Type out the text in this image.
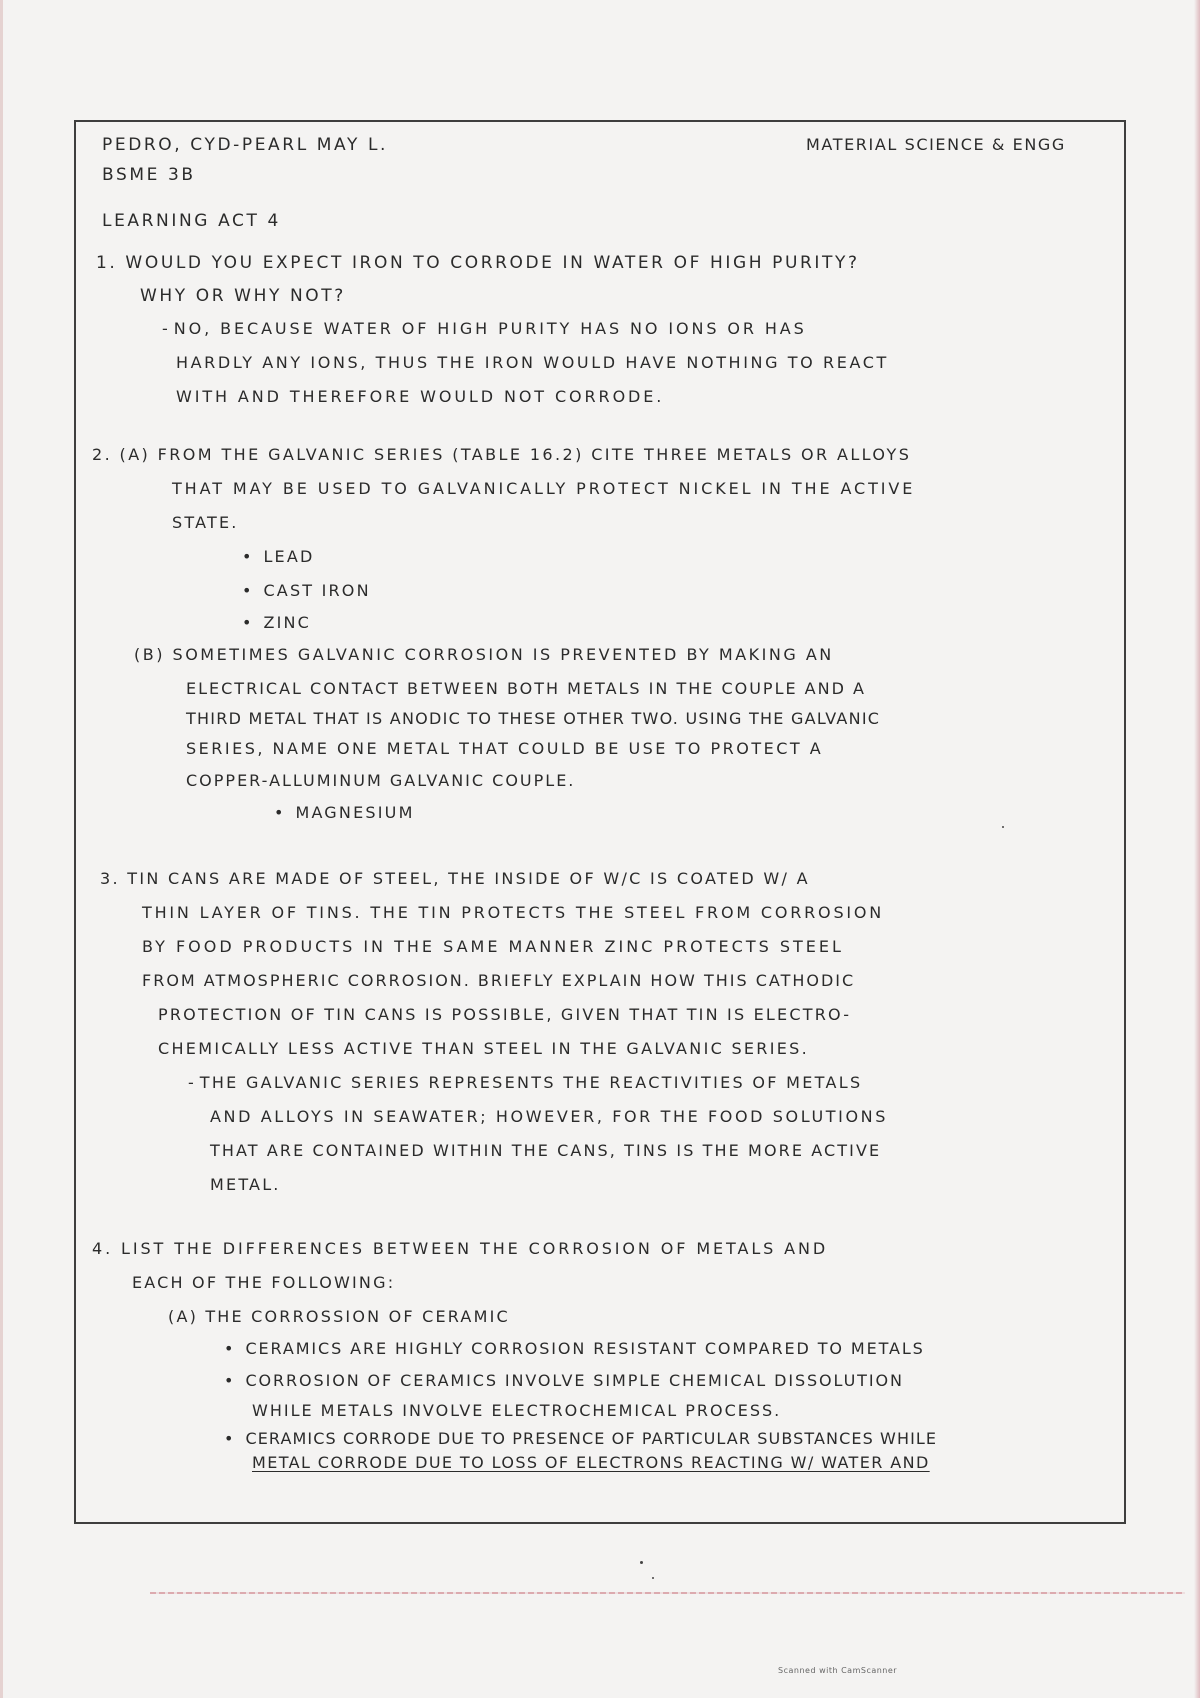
PEDRO, CYD-PEARL MAY L.	MATERIAL SCIENCE & ENGG
BSME 3B
LEARNING ACT 4
1. WOULD YOU EXPECT IRON TO CORRODE IN WATER OF HIGH PURITY?
WHY OR WHY NOT?
- NO, BECAUSE WATER OF HIGH PURITY HAS NO IONS OR HAS
HARDLY ANY IONS, THUS THE IRON WOULD HAVE NOTHING TO REACT
WITH AND THEREFORE WOULD NOT CORRODE.
2. (A) FROM THE GALVANIC SERIES (TABLE 16.2) CITE THREE METALS OR ALLOYS
THAT MAY BE USED TO GALVANICALLY PROTECT NICKEL IN THE ACTIVE
STATE.
• LEAD
• CAST IRON
• ZINC
(B) SOMETIMES GALVANIC CORROSION IS PREVENTED BY MAKING AN
ELECTRICAL CONTACT BETWEEN BOTH METALS IN THE COUPLE AND A
THIRD METAL THAT IS ANODIC TO THESE OTHER TWO. USING THE GALVANIC
SERIES, NAME ONE METAL THAT COULD BE USE TO PROTECT A
COPPER-ALLUMINUM GALVANIC COUPLE.
• MAGNESIUM
3. TIN CANS ARE MADE OF STEEL, THE INSIDE OF W/C IS COATED W/ A
THIN LAYER OF TINS. THE TIN PROTECTS THE STEEL FROM CORROSION
BY FOOD PRODUCTS IN THE SAME MANNER ZINC PROTECTS STEEL
FROM ATMOSPHERIC CORROSION. BRIEFLY EXPLAIN HOW THIS CATHODIC
PROTECTION OF TIN CANS IS POSSIBLE, GIVEN THAT TIN IS ELECTRO-
CHEMICALLY LESS ACTIVE THAN STEEL IN THE GALVANIC SERIES.
- THE GALVANIC SERIES REPRESENTS THE REACTIVITIES OF METALS
AND ALLOYS IN SEAWATER; HOWEVER, FOR THE FOOD SOLUTIONS
THAT ARE CONTAINED WITHIN THE CANS, TINS IS THE MORE ACTIVE
METAL.
4. LIST THE DIFFERENCES BETWEEN THE CORROSION OF METALS AND
EACH OF THE FOLLOWING:
(A) THE CORROSSION OF CERAMIC
• CERAMICS ARE HIGHLY CORROSION RESISTANT COMPARED TO METALS
• CORROSION OF CERAMICS INVOLVE SIMPLE CHEMICAL DISSOLUTION
WHILE METALS INVOLVE ELECTROCHEMICAL PROCESS.
• CERAMICS CORRODE DUE TO PRESENCE OF PARTICULAR SUBSTANCES WHILE
METAL CORRODE DUE TO LOSS OF ELECTRONS REACTING W/ WATER AND
Scanned with CamScanner
